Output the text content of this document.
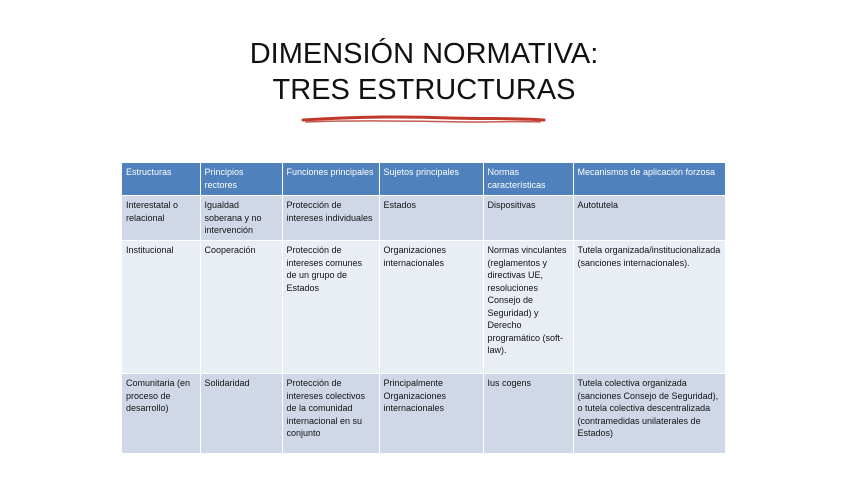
DIMENSIÓN NORMATIVA:
TRES ESTRUCTURAS
Estructuras	Principios rectores	Funciones principales	Sujetos principales	Normas características	Mecanismos de aplicación forzosa
Interestatal o relacional	Igualdad soberana y no intervención	Protección de intereses individuales	Estados	Dispositivas	Autotutela
Institucional	Cooperación	Protección de intereses comunes de un grupo de Estados	Organizaciones internacionales	Normas vinculantes (reglamentos y directivas UE, resoluciones Consejo de Seguridad) y Derecho programático (soft-law).	Tutela organizada/institucionalizada (sanciones internacionales).
Comunitaria (en proceso de desarrollo)	Solidaridad	Protección de intereses colectivos de la comunidad internacional en su conjunto	Principalmente Organizaciones internacionales	Ius cogens	Tutela colectiva organizada (sanciones Consejo de Seguridad), o tutela colectiva descentralizada (contramedidas unilaterales de Estados)
